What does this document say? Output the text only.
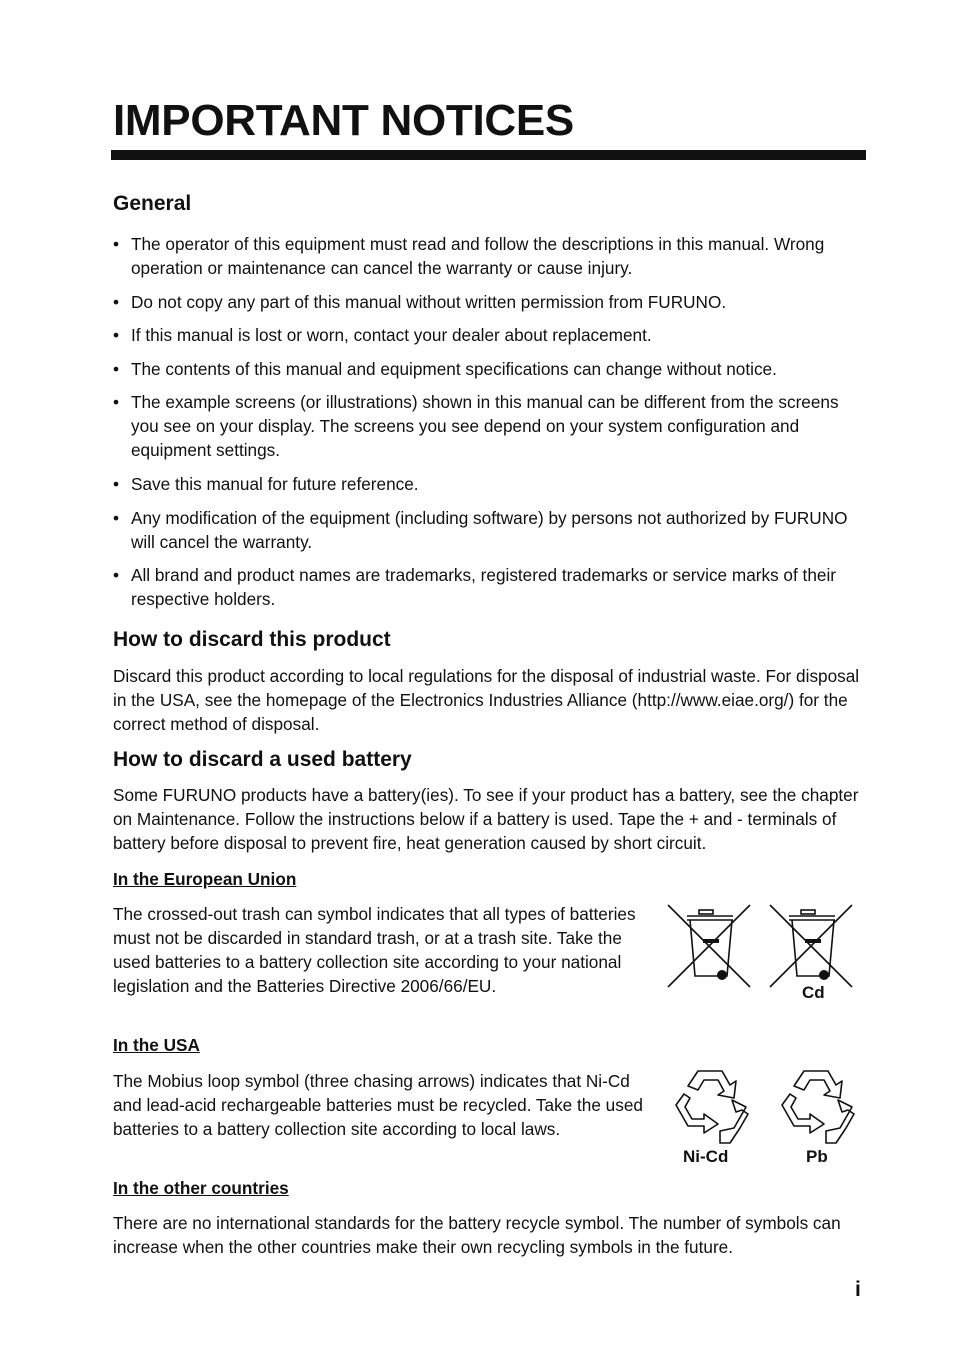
IMPORTANT NOTICES
General
• The operator of this equipment must read and follow the descriptions in this manual. Wrong operation or maintenance can cancel the warranty or cause injury.
• Do not copy any part of this manual without written permission from FURUNO.
• If this manual is lost or worn, contact your dealer about replacement.
• The contents of this manual and equipment specifications can change without notice.
• The example screens (or illustrations) shown in this manual can be different from the screens you see on your display. The screens you see depend on your system configuration and equipment settings.
• Save this manual for future reference.
• Any modification of the equipment (including software) by persons not authorized by FURUNO will cancel the warranty.
• All brand and product names are trademarks, registered trademarks or service marks of their respective holders.
How to discard this product

Discard this product according to local regulations for the disposal of industrial waste. For disposal in the USA, see the homepage of the Electronics Industries Alliance (http://www.eiae.org/) for the correct method of disposal.

How to discard a used battery

Some FURUNO products have a battery(ies). To see if your product has a battery, see the chapter on Maintenance. Follow the instructions below if a battery is used. Tape the + and - terminals of battery before disposal to prevent fire, heat generation caused by short circuit.

In the European Union

The crossed-out trash can symbol indicates that all types of batteries must not be discarded in standard trash, or at a trash site. Take the used batteries to a battery collection site according to your national legislation and the Batteries Directive 2006/66/EU.	Cd

In the USA

The Mobius loop symbol (three chasing arrows) indicates that Ni-Cd and lead-acid rechargeable batteries must be recycled. Take the used batteries to a battery collection site according to local laws.

Ni-Cd	Pb

In the other countries

There are no international standards for the battery recycle symbol. The number of symbols can increase when the other countries make their own recycling symbols in the future.

i
